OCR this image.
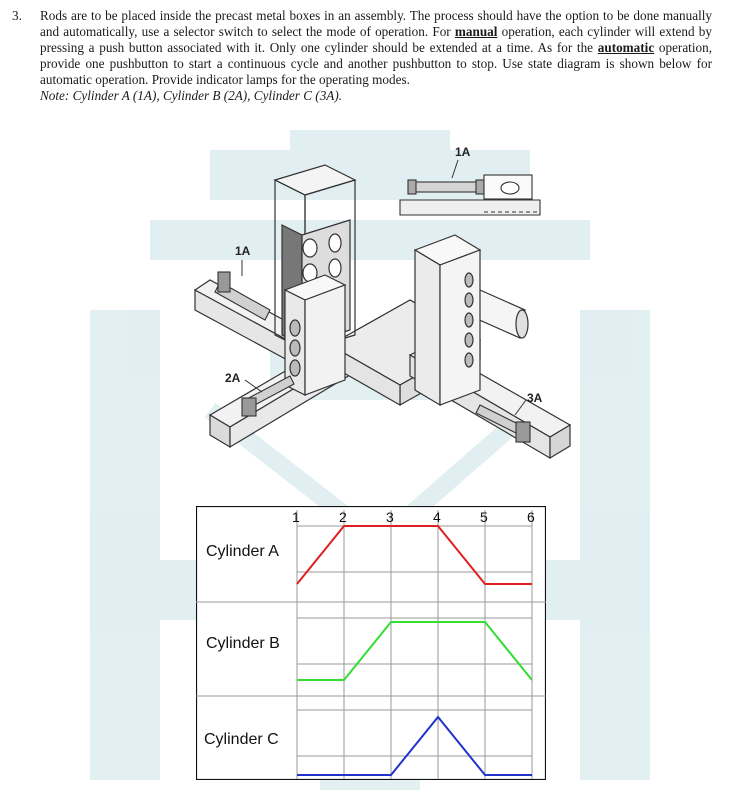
3. Rods are to be placed inside the precast metal boxes in an assembly. The process should have the option to be done manually and automatically, use a selector switch to select the mode of operation. For manual operation, each cylinder will extend by pressing a push button associated with it. Only one cylinder should be extended at a time. As for the automatic operation, provide one pushbutton to start a continuous cycle and another pushbutton to stop. Use state diagram is shown below for automatic operation. Provide indicator lamps for the operating modes.

Note: Cylinder A (1A), Cylinder B (2A), Cylinder C (3A).

1A
1A
2A
3A
1	2	3	4	5	6
Cylinder A
Cylinder B
Cylinder C
